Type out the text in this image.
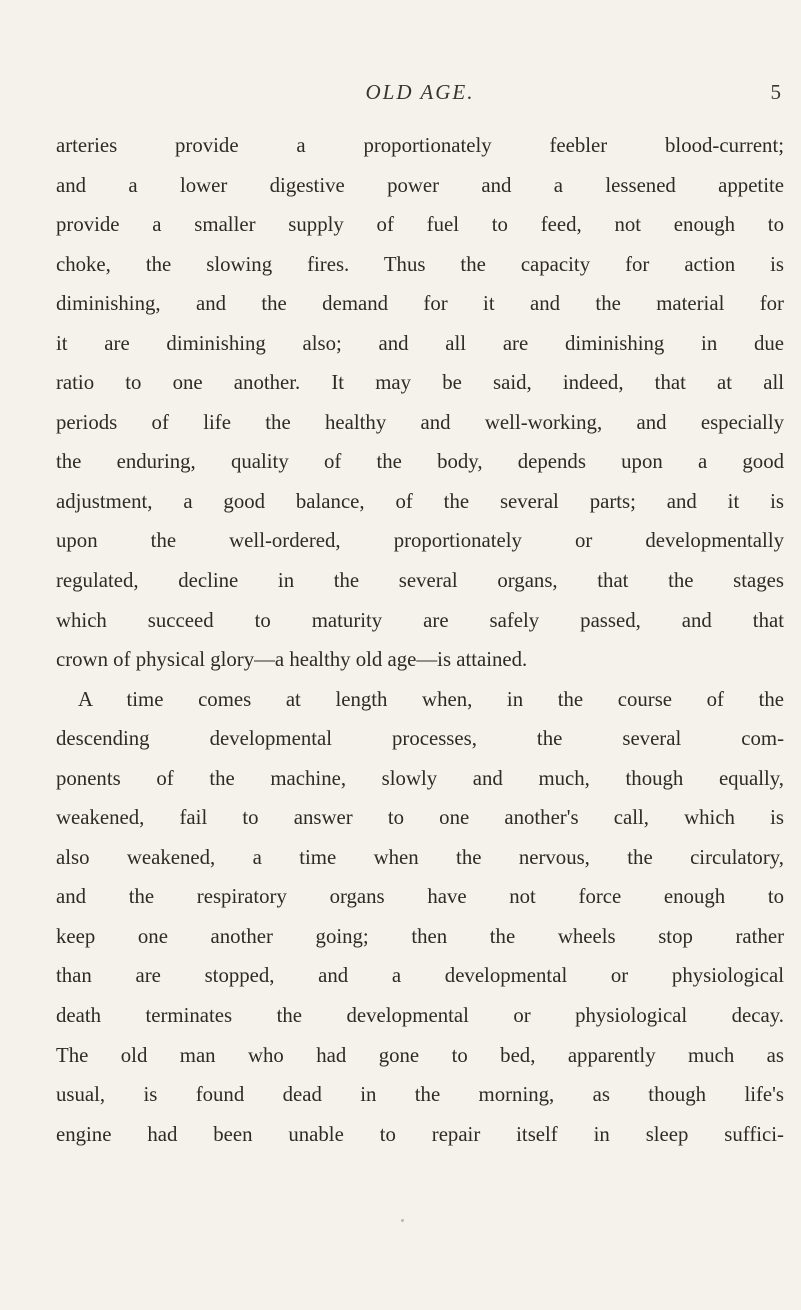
OLD AGE.	5
arteries provide a proportionately feebler blood-current;
and a lower digestive power and a lessened appetite
provide a smaller supply of fuel to feed, not enough to
choke, the slowing fires. Thus the capacity for action is
diminishing, and the demand for it and the material for
it are diminishing also; and all are diminishing in due
ratio to one another. It may be said, indeed, that at all
periods of life the healthy and well-working, and especially
the enduring, quality of the body, depends upon a good
adjustment, a good balance, of the several parts; and it is
upon the well-ordered, proportionately or developmentally
regulated, decline in the several organs, that the stages
which succeed to maturity are safely passed, and that
crown of physical glory—a healthy old age—is attained.
A time comes at length when, in the course of the
descending developmental processes, the several com-
ponents of the machine, slowly and much, though equally,
weakened, fail to answer to one another's call, which is
also weakened, a time when the nervous, the circulatory,
and the respiratory organs have not force enough to
keep one another going; then the wheels stop rather
than are stopped, and a developmental or physiological
death terminates the developmental or physiological decay.
The old man who had gone to bed, apparently much as
usual, is found dead in the morning, as though life's
engine had been unable to repair itself in sleep suffici-
